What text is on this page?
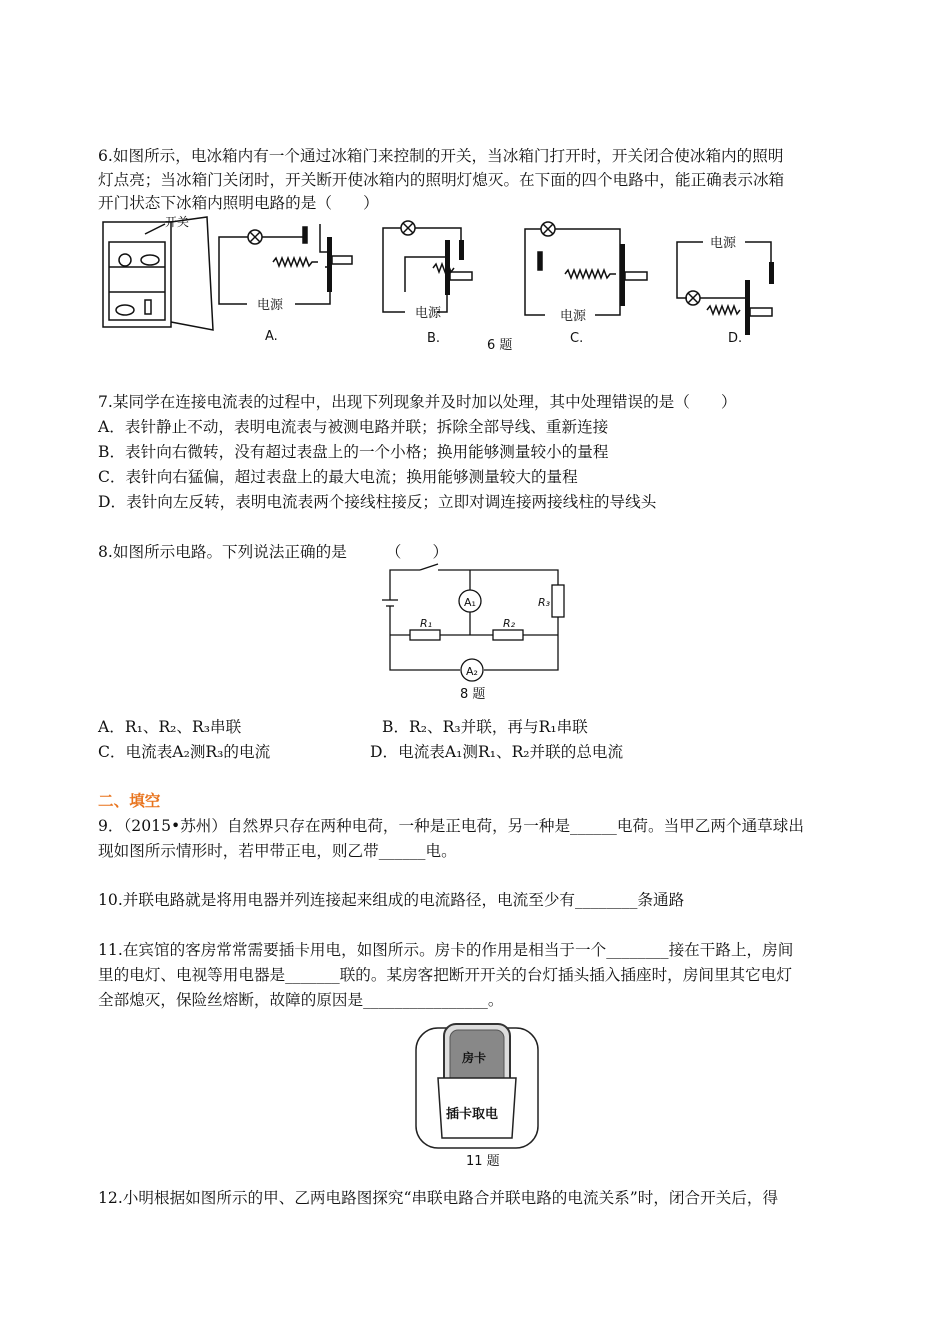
6.如图所示，电冰箱内有一个通过冰箱门来控制的开关，当冰箱门打开时，开关闭合使冰箱内的照明
灯点亮；当冰箱门关闭时，开关断开使冰箱内的照明灯熄灭。在下面的四个电路中，能正确表示冰箱
开门状态下冰箱内照明电路的是（　　）
开关
电源
A.
电源
B.	6 题
电源
C.
电源
D.
7.某同学在连接电流表的过程中，出现下列现象并及时加以处理，其中处理错误的是（　　）
A．表针静止不动，表明电流表与被测电路并联；拆除全部导线、重新连接
B．表针向右微转，没有超过表盘上的一个小格；换用能够测量较小的量程
C．表针向右猛偏，超过表盘上的最大电流；换用能够测量较大的量程
D．表针向左反转，表明电流表两个接线柱接反；立即对调连接两接线柱的导线头
8.如图所示电路。下列说法正确的是　　　（　　）
A₁
A₂
R₁	R₂
R₃
8 题
A．R₁、R₂、R₃串联	B．R₂、R₃并联，再与R₁串联
C．电流表A₂测R₃的电流	D．电流表A₁测R₁、R₂并联的总电流
二、填空
9．（2015•苏州）自然界只存在两种电荷，一种是正电荷，另一种是______电荷。当甲乙两个通草球出
现如图所示情形时，若甲带正电，则乙带______电。
10.并联电路就是将用电器并列连接起来组成的电流路径，电流至少有________条通路
11.在宾馆的客房常常需要插卡用电，如图所示。房卡的作用是相当于一个________接在干路上，房间
里的电灯、电视等用电器是_______联的。某房客把断开开关的台灯插头插入插座时，房间里其它电灯
全部熄灭，保险丝熔断，故障的原因是________________。
房卡
插卡取电
11 题
12.小明根据如图所示的甲、乙两电路图探究“串联电路合并联电路的电流关系”时，闭合开关后，得
